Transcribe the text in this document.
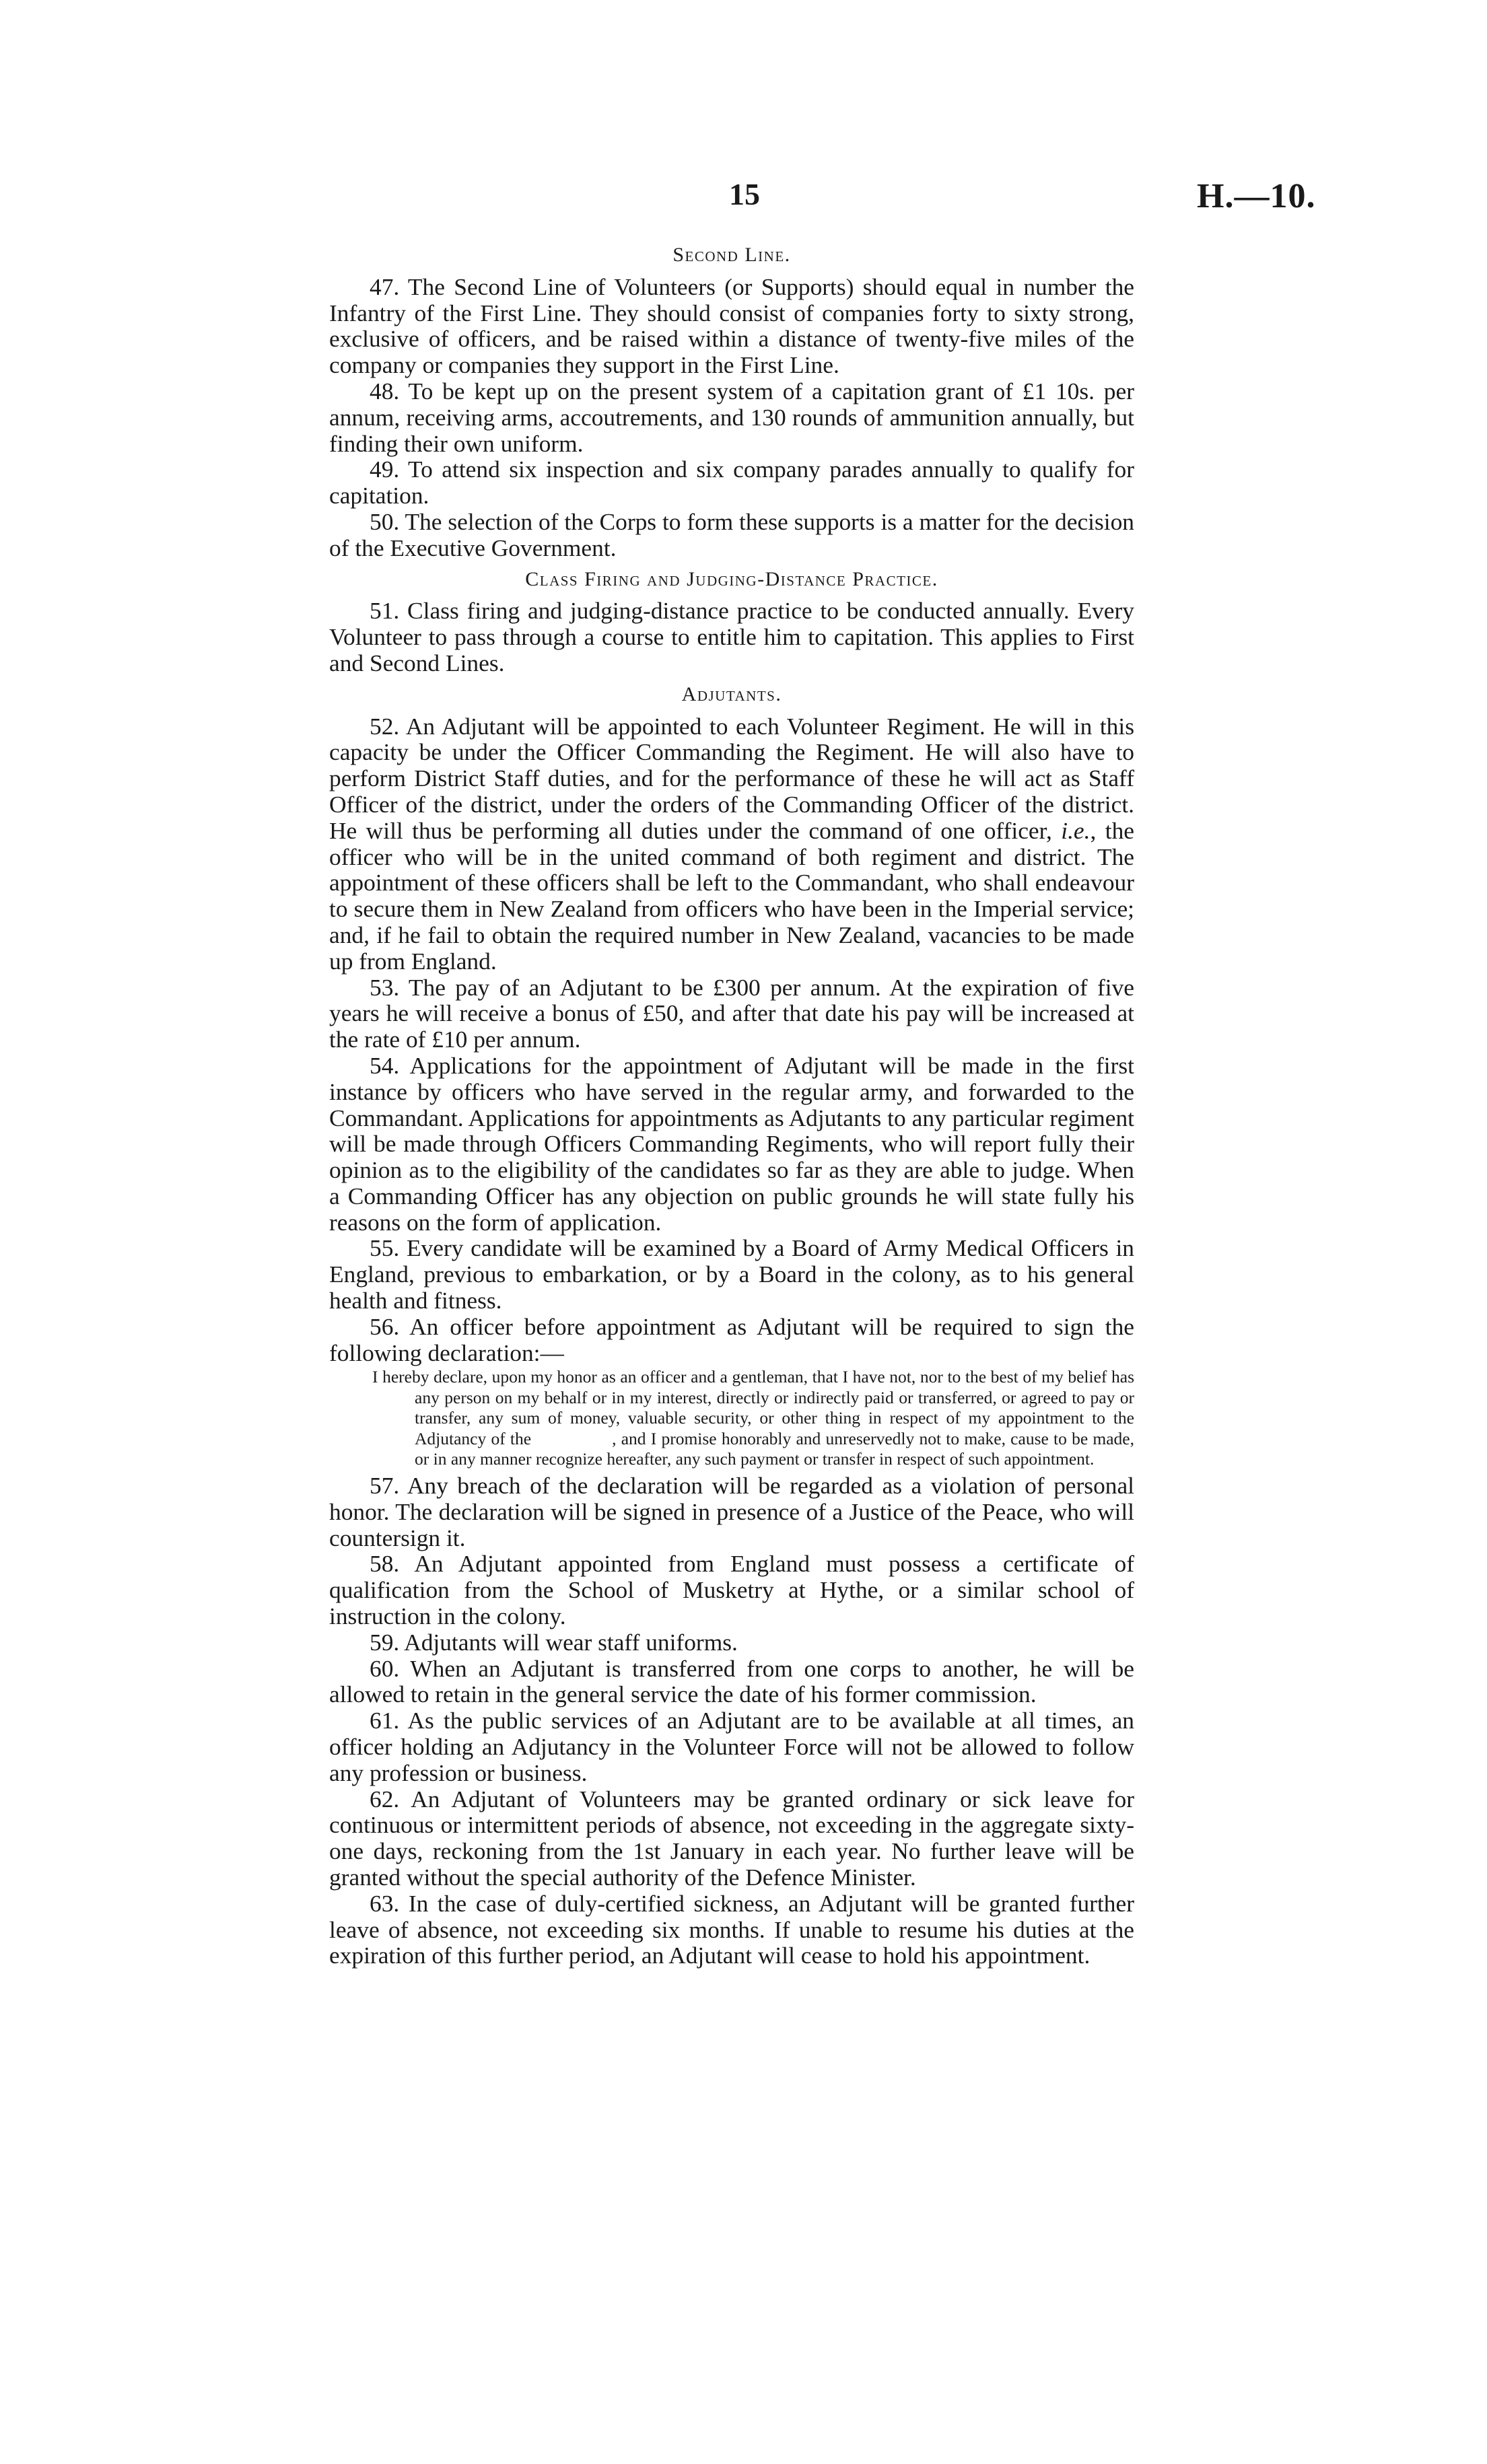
15	H.—10.
Second Line.

47. The Second Line of Volunteers (or Supports) should equal in number the Infantry of the First Line. They should consist of companies forty to sixty strong, exclusive of officers, and be raised within a distance of twenty-five miles of the company or companies they support in the First Line.

48. To be kept up on the present system of a capitation grant of £1 10s. per annum, receiving arms, accoutrements, and 130 rounds of ammunition annually, but finding their own uniform.

49. To attend six inspection and six company parades annually to qualify for capitation.

50. The selection of the Corps to form these supports is a matter for the decision of the Executive Government.

Class Firing and Judging-Distance Practice.

51. Class firing and judging-distance practice to be conducted annually. Every Volunteer to pass through a course to entitle him to capitation. This applies to First and Second Lines.

Adjutants.

52. An Adjutant will be appointed to each Volunteer Regiment. He will in this capacity be under the Officer Commanding the Regiment. He will also have to perform District Staff duties, and for the performance of these he will act as Staff Officer of the district, under the orders of the Commanding Officer of the district. He will thus be performing all duties under the command of one officer, i.e., the officer who will be in the united command of both regiment and district. The appointment of these officers shall be left to the Commandant, who shall endeavour to secure them in New Zealand from officers who have been in the Imperial service; and, if he fail to obtain the required number in New Zealand, vacancies to be made up from England.

53. The pay of an Adjutant to be £300 per annum. At the expiration of five years he will receive a bonus of £50, and after that date his pay will be increased at the rate of £10 per annum.

54. Applications for the appointment of Adjutant will be made in the first instance by officers who have served in the regular army, and forwarded to the Commandant. Applications for appointments as Adjutants to any particular regiment will be made through Officers Commanding Regiments, who will report fully their opinion as to the eligibility of the candidates so far as they are able to judge. When a Commanding Officer has any objection on public grounds he will state fully his reasons on the form of application.

55. Every candidate will be examined by a Board of Army Medical Officers in England, previous to embarkation, or by a Board in the colony, as to his general health and fitness.

56. An officer before appointment as Adjutant will be required to sign the following declaration:—

I hereby declare, upon my honor as an officer and a gentleman, that I have not, nor to the best of my belief has any person on my behalf or in my interest, directly or indirectly paid or transferred, or agreed to pay or transfer, any sum of money, valuable security, or other thing in respect of my appointment to the Adjutancy of the	, and I promise honorably and unreservedly not to make, cause to be made, or in any manner recognize hereafter, any such payment or transfer in respect of such appointment.

57. Any breach of the declaration will be regarded as a violation of personal honor. The declaration will be signed in presence of a Justice of the Peace, who will countersign it.

58. An Adjutant appointed from England must possess a certificate of qualification from the School of Musketry at Hythe, or a similar school of instruction in the colony.

59. Adjutants will wear staff uniforms.

60. When an Adjutant is transferred from one corps to another, he will be allowed to retain in the general service the date of his former commission.

61. As the public services of an Adjutant are to be available at all times, an officer holding an Adjutancy in the Volunteer Force will not be allowed to follow any profession or business.

62. An Adjutant of Volunteers may be granted ordinary or sick leave for continuous or intermittent periods of absence, not exceeding in the aggregate sixty-one days, reckoning from the 1st January in each year. No further leave will be granted without the special authority of the Defence Minister.

63. In the case of duly-certified sickness, an Adjutant will be granted further leave of absence, not exceeding six months. If unable to resume his duties at the expiration of this further period, an Adjutant will cease to hold his appointment.
